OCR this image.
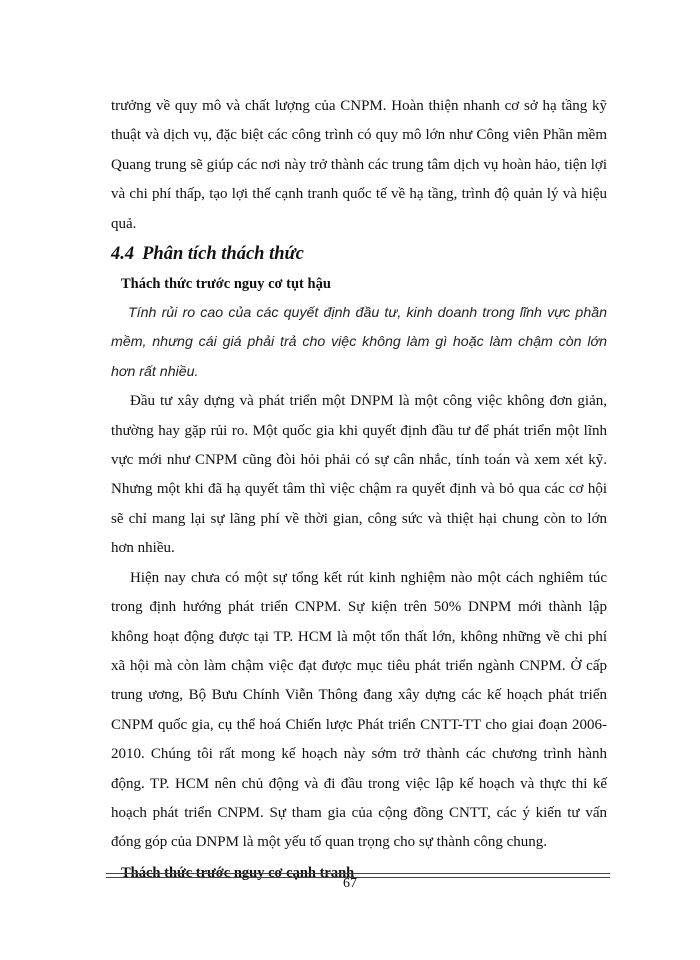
trưởng về quy mô và chất lượng của CNPM. Hoàn thiện nhanh cơ sở hạ tầng kỹ thuật và dịch vụ, đặc biệt các công trình có quy mô lớn như Công viên Phần mềm Quang trung sẽ giúp các nơi này trở thành các trung tâm dịch vụ hoàn hảo, tiện lợi và chi phí thấp, tạo lợi thế cạnh tranh quốc tế về hạ tầng, trình độ quản lý và hiệu quả.

4.4 Phân tích thách thức
Thách thức trước nguy cơ tụt hậu

Tính rủi ro cao của các quyết định đầu tư, kinh doanh trong lĩnh vực phần mềm, nhưng cái giá phải trả cho việc không làm gì hoặc làm chậm còn lớn hơn rất nhiều.

Đầu tư xây dựng và phát triển một DNPM là một công việc không đơn giản, thường hay gặp rủi ro. Một quốc gia khi quyết định đầu tư để phát triển một lĩnh vực mới như CNPM cũng đòi hỏi phải có sự cân nhắc, tính toán và xem xét kỹ. Nhưng một khi đã hạ quyết tâm thì việc chậm ra quyết định và bỏ qua các cơ hội sẽ chỉ mang lại sự lãng phí về thời gian, công sức và thiệt hại chung còn to lớn hơn nhiều.

Hiện nay chưa có một sự tổng kết rút kinh nghiệm nào một cách nghiêm túc trong định hướng phát triển CNPM. Sự kiện trên 50% DNPM mới thành lập không hoạt động được tại TP. HCM là một tổn thất lớn, không những về chi phí xã hội mà còn làm chậm việc đạt được mục tiêu phát triển ngành CNPM. Ở cấp trung ương, Bộ Bưu Chính Viễn Thông đang xây dựng các kế hoạch phát triển CNPM quốc gia, cụ thể hoá Chiến lược Phát triển CNTT-TT cho giai đoạn 2006-2010. Chúng tôi rất mong kế hoạch này sớm trở thành các chương trình hành động. TP. HCM nên chủ động và đi đầu trong việc lập kế hoạch và thực thi kế hoạch phát triển CNPM. Sự tham gia của cộng đồng CNTT, các ý kiến tư vấn đóng góp của DNPM là một yếu tố quan trọng cho sự thành công chung.

Thách thức trước nguy cơ cạnh tranh
67
